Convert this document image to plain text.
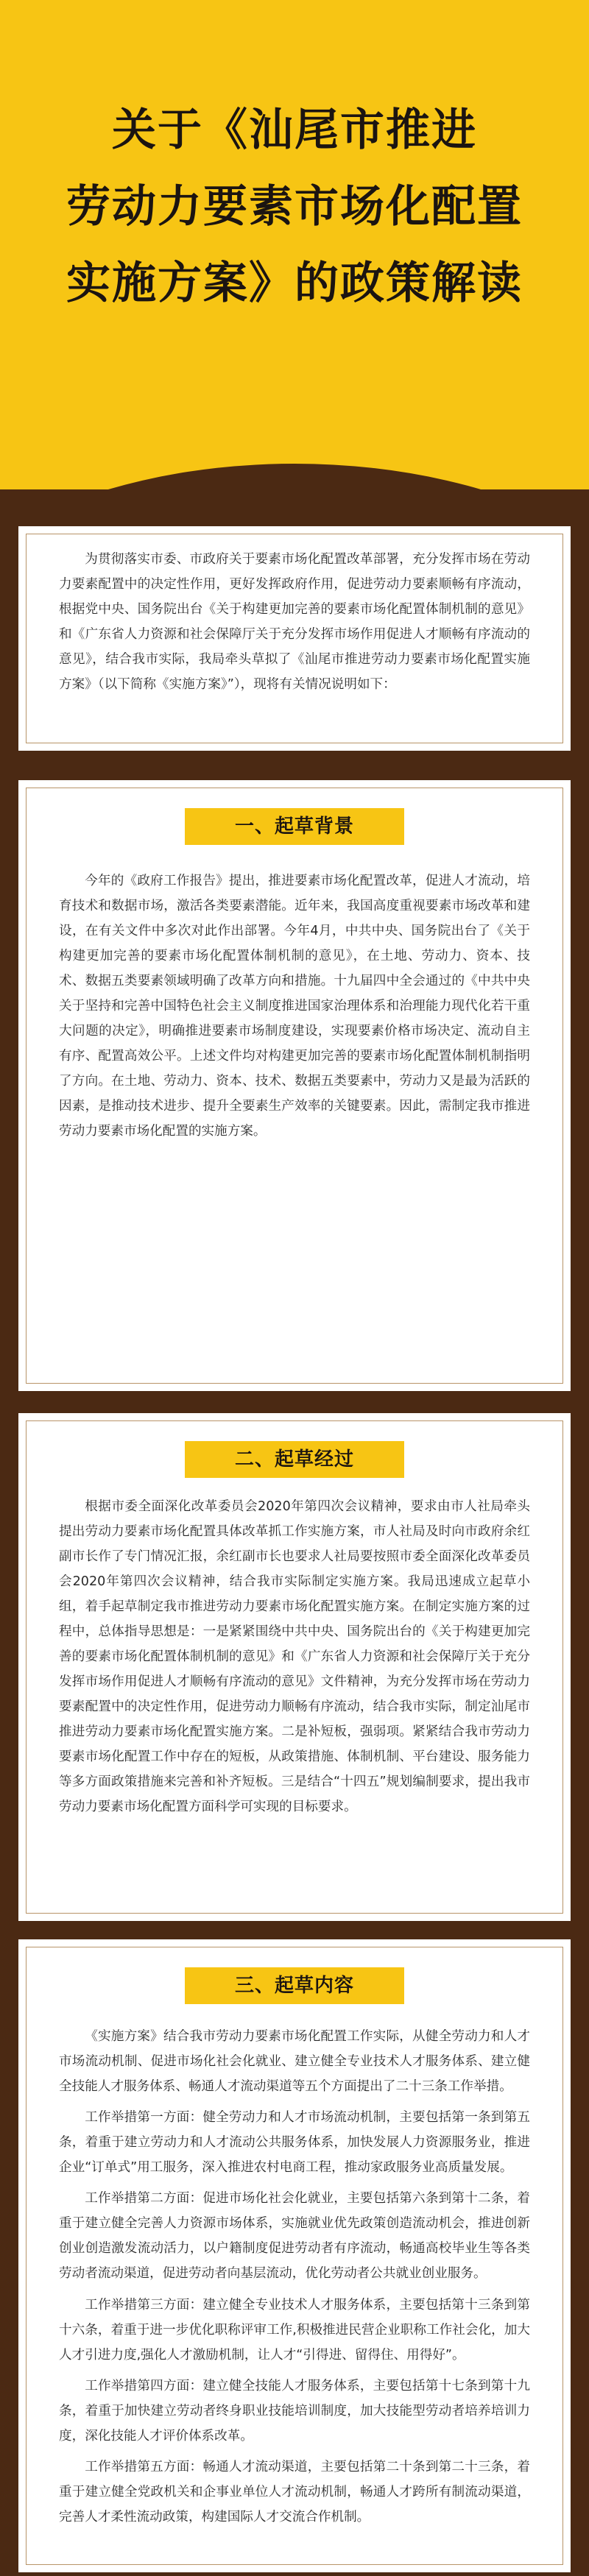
关于《汕尾市推进
劳动力要素市场化配置
实施方案》的政策解读
为贯彻落实市委、市政府关于要素市场化配置改革部署，充分发挥市场在劳动力要素配置中的决定性作用，更好发挥政府作用，促进劳动力要素顺畅有序流动，根据党中央、国务院出台《关于构建更加完善的要素市场化配置体制机制的意见》和《广东省人力资源和社会保障厅关于充分发挥市场作用促进人才顺畅有序流动的意见》，结合我市实际，我局牵头草拟了《汕尾市推进劳动力要素市场化配置实施方案》（以下简称《实施方案》”），现将有关情况说明如下：
一、起草背景
今年的《政府工作报告》提出，推进要素市场化配置改革，促进人才流动，培育技术和数据市场，激活各类要素潜能。近年来，我国高度重视要素市场改革和建设，在有关文件中多次对此作出部署。今年4月，中共中央、国务院出台了《关于构建更加完善的要素市场化配置体制机制的意见》，在土地、劳动力、资本、技术、数据五类要素领域明确了改革方向和措施。十九届四中全会通过的《中共中央关于坚持和完善中国特色社会主义制度推进国家治理体系和治理能力现代化若干重大问题的决定》，明确推进要素市场制度建设，实现要素价格市场决定、流动自主有序、配置高效公平。上述文件均对构建更加完善的要素市场化配置体制机制指明了方向。在土地、劳动力、资本、技术、数据五类要素中，劳动力又是最为活跃的因素，是推动技术进步、提升全要素生产效率的关键要素。因此，需制定我市推进劳动力要素市场化配置的实施方案。
二、起草经过
根据市委全面深化改革委员会2020年第四次会议精神，要求由市人社局牵头提出劳动力要素市场化配置具体改革抓工作实施方案，市人社局及时向市政府余红副市长作了专门情况汇报，余红副市长也要求人社局要按照市委全面深化改革委员会2020年第四次会议精神，结合我市实际制定实施方案。我局迅速成立起草小组，着手起草制定我市推进劳动力要素市场化配置实施方案。在制定实施方案的过程中，总体指导思想是：一是紧紧围绕中共中央、国务院出台的《关于构建更加完善的要素市场化配置体制机制的意见》和《广东省人力资源和社会保障厅关于充分发挥市场作用促进人才顺畅有序流动的意见》文件精神，为充分发挥市场在劳动力要素配置中的决定性作用，促进劳动力顺畅有序流动，结合我市实际，制定汕尾市推进劳动力要素市场化配置实施方案。二是补短板，强弱项。紧紧结合我市劳动力要素市场化配置工作中存在的短板，从政策措施、体制机制、平台建设、服务能力等多方面政策措施来完善和补齐短板。三是结合“十四五”规划编制要求，提出我市劳动力要素市场化配置方面科学可实现的目标要求。
三、起草内容
《实施方案》结合我市劳动力要素市场化配置工作实际，从健全劳动力和人才市场流动机制、促进市场化社会化就业、建立健全专业技术人才服务体系、建立健全技能人才服务体系、畅通人才流动渠道等五个方面提出了二十三条工作举措。
工作举措第一方面：健全劳动力和人才市场流动机制，主要包括第一条到第五条，着重于建立劳动力和人才流动公共服务体系，加快发展人力资源服务业，推进企业“订单式”用工服务，深入推进农村电商工程，推动家政服务业高质量发展。
工作举措第二方面：促进市场化社会化就业，主要包括第六条到第十二条，着重于建立健全完善人力资源市场体系，实施就业优先政策创造流动机会，推进创新创业创造激发流动活力，以户籍制度促进劳动者有序流动，畅通高校毕业生等各类劳动者流动渠道，促进劳动者向基层流动，优化劳动者公共就业创业服务。
工作举措第三方面：建立健全专业技术人才服务体系，主要包括第十三条到第十六条，着重于进一步优化职称评审工作,积极推进民营企业职称工作社会化，加大人才引进力度,强化人才激励机制，让人才“引得进、留得住、用得好”。
工作举措第四方面：建立健全技能人才服务体系，主要包括第十七条到第十九条，着重于加快建立劳动者终身职业技能培训制度，加大技能型劳动者培养培训力度，深化技能人才评价体系改革。
工作举措第五方面：畅通人才流动渠道，主要包括第二十条到第二十三条，着重于建立健全党政机关和企事业单位人才流动机制，畅通人才跨所有制流动渠道，完善人才柔性流动政策，构建国际人才交流合作机制。
